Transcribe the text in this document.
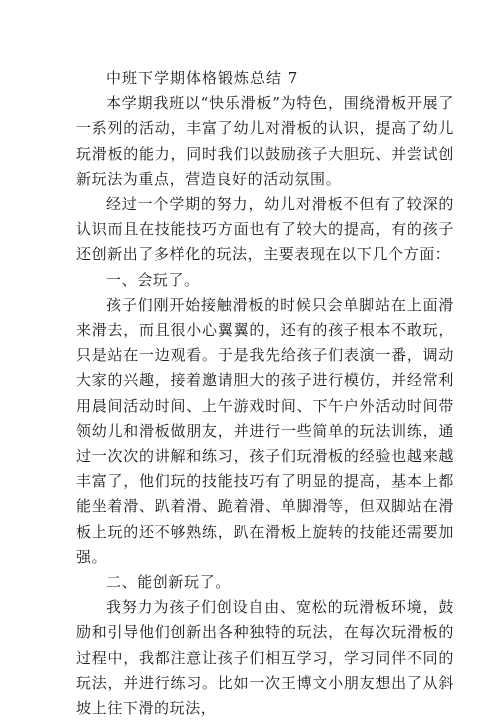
中班下学期体格锻炼总结 7

本学期我班以“快乐滑板”为特色，围绕滑板开展了一系列的活动，丰富了幼儿对滑板的认识，提高了幼儿玩滑板的能力，同时我们以鼓励孩子大胆玩、并尝试创新玩法为重点，营造良好的活动氛围。

经过一个学期的努力，幼儿对滑板不但有了较深的认识而且在技能技巧方面也有了较大的提高，有的孩子还创新出了多样化的玩法，主要表现在以下几个方面：

一、会玩了。

孩子们刚开始接触滑板的时候只会单脚站在上面滑来滑去，而且很小心翼翼的，还有的孩子根本不敢玩，只是站在一边观看。于是我先给孩子们表演一番，调动大家的兴趣，接着邀请胆大的孩子进行模仿，并经常利用晨间活动时间、上午游戏时间、下午户外活动时间带领幼儿和滑板做朋友，并进行一些简单的玩法训练，通过一次次的讲解和练习，孩子们玩滑板的经验也越来越丰富了，他们玩的技能技巧有了明显的提高，基本上都能坐着滑、趴着滑、跪着滑、单脚滑等，但双脚站在滑板上玩的还不够熟练，趴在滑板上旋转的技能还需要加强。

二、能创新玩了。

我努力为孩子们创设自由、宽松的玩滑板环境，鼓励和引导他们创新出各种独特的玩法，在每次玩滑板的过程中，我都注意让孩子们相互学习，学习同伴不同的玩法，并进行练习。比如一次王博文小朋友想出了从斜坡上往下滑的玩法，
